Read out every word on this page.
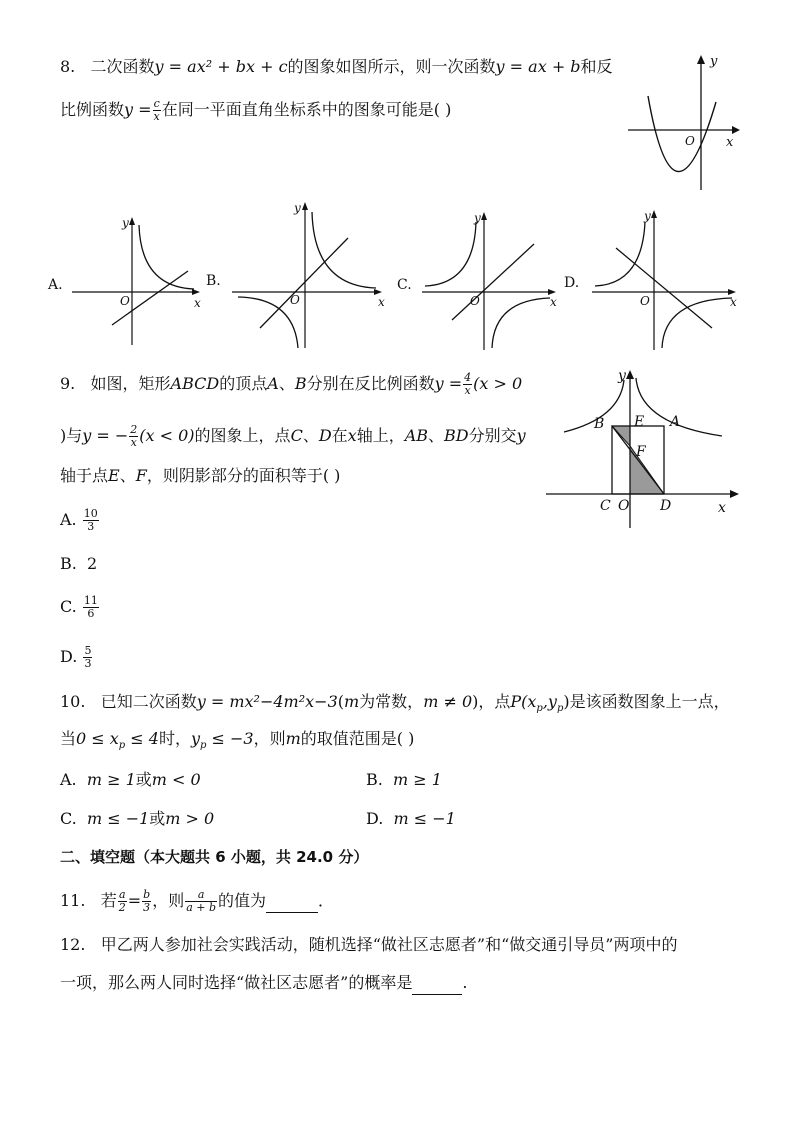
8. 二次函数y = ax² + bx + c的图象如图所示，则一次函数y = ax + b和反
比例函数$y = \frac{c}{x}$ 在同一平面直角坐标系中的图象可能是( )
y
x
O
A.
y
x
O
B.
y
x
O
C.
y
x
O
D.
y
x
O
9. 如图，矩形ABCD的顶点A、B分别在反比例函数$y = \frac{4}{x} (x > 0$
)与y = − $\frac{2}{x} (x < 0)$的图象上，点C、D在x轴上，AB、BD分别交y
轴于点E、F，则阴影部分的面积等于( )
y
B E A
F
C O D	x
A. $\frac{10}{3}$
B. 2
C. $\frac{11}{6}$
D. $\frac{5}{3}$
10. 已知二次函数y = mx²−4m²x−3(m为常数，m ≠ 0)，点$P(x_p,y_p)$是该函数图象上一点，
当$0 \le x_p \le 4$时，$y_p \le -3$，则m的取值范围是( )
A. m ≥ 1或m < 0	B. m ≥ 1
C. m ≤ −1或m > 0	D. m ≤ −1
二、填空题（本大题共 6 小题，共 24.0 分）
11. 若 $\frac{a}{2} = \frac{b}{3}$ ，则 $\frac{a}{a + b}$ 的值为	．
12. 甲乙两人参加社会实践活动，随机选择“做社区志愿者”和“做交通引导员”两项中的
一项，那么两人同时选择“做社区志愿者”的概率是	.
